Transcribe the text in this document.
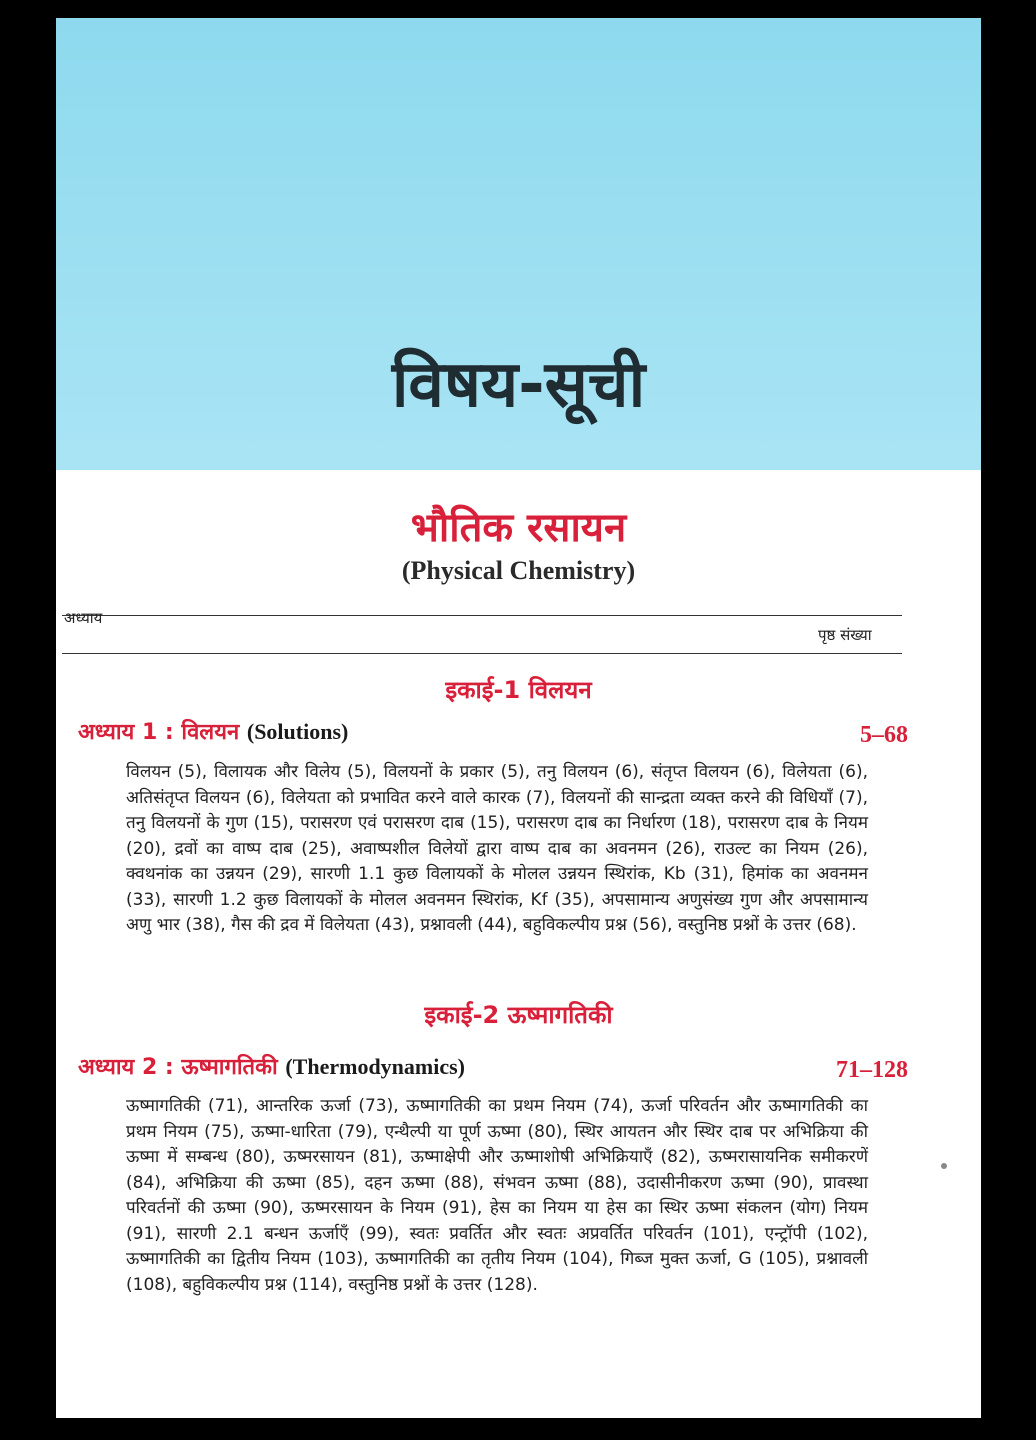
विषय-सूची
भौतिक रसायन
(Physical Chemistry)
अध्याय
पृष्ठ संख्या
इकाई-1 विलयन
अध्याय 1 : विलयन (Solutions)	5–68
विलयन (5), विलायक और विलेय (5), विलयनों के प्रकार (5), तनु विलयन (6), संतृप्त विलयन (6), विलेयता (6), अतिसंतृप्त विलयन (6), विलेयता को प्रभावित करने वाले कारक (7), विलयनों की सान्द्रता व्यक्त करने की विधियाँ (7), तनु विलयनों के गुण (15), परासरण एवं परासरण दाब (15), परासरण दाब का निर्धारण (18), परासरण दाब के नियम (20), द्रवों का वाष्प दाब (25), अवाष्पशील विलेयों द्वारा वाष्प दाब का अवनमन (26), राउल्ट का नियम (26), क्वथनांक का उन्नयन (29), सारणी 1.1 कुछ विलायकों के मोलल उन्नयन स्थिरांक, Kb (31), हिमांक का अवनमन (33), सारणी 1.2 कुछ विलायकों के मोलल अवनमन स्थिरांक, Kf (35), अपसामान्य अणुसंख्य गुण और अपसामान्य अणु भार (38), गैस की द्रव में विलेयता (43), प्रश्नावली (44), बहुविकल्पीय प्रश्न (56), वस्तुनिष्ठ प्रश्नों के उत्तर (68).
इकाई-2 ऊष्मागतिकी
अध्याय 2 : ऊष्मागतिकी (Thermodynamics)	71–128
ऊष्मागतिकी (71), आन्तरिक ऊर्जा (73), ऊष्मागतिकी का प्रथम नियम (74), ऊर्जा परिवर्तन और ऊष्मागतिकी का प्रथम नियम (75), ऊष्मा-धारिता (79), एन्थैल्पी या पूर्ण ऊष्मा (80), स्थिर आयतन और स्थिर दाब पर अभिक्रिया की ऊष्मा में सम्बन्ध (80), ऊष्मरसायन (81), ऊष्माक्षेपी और ऊष्माशोषी अभिक्रियाएँ (82), ऊष्मरासायनिक समीकरणें (84), अभिक्रिया की ऊष्मा (85), दहन ऊष्मा (88), संभवन ऊष्मा (88), उदासीनीकरण ऊष्मा (90), प्रावस्था परिवर्तनों की ऊष्मा (90), ऊष्मरसायन के नियम (91), हेस का नियम या हेस का स्थिर ऊष्मा संकलन (योग) नियम (91), सारणी 2.1 बन्धन ऊर्जाएँ (99), स्वतः प्रवर्तित और स्वतः अप्रवर्तित परिवर्तन (101), एन्ट्रॉपी (102), ऊष्मागतिकी का द्वितीय नियम (103), ऊष्मागतिकी का तृतीय नियम (104), गिब्ज मुक्त ऊर्जा, G (105), प्रश्नावली (108), बहुविकल्पीय प्रश्न (114), वस्तुनिष्ठ प्रश्नों के उत्तर (128).
